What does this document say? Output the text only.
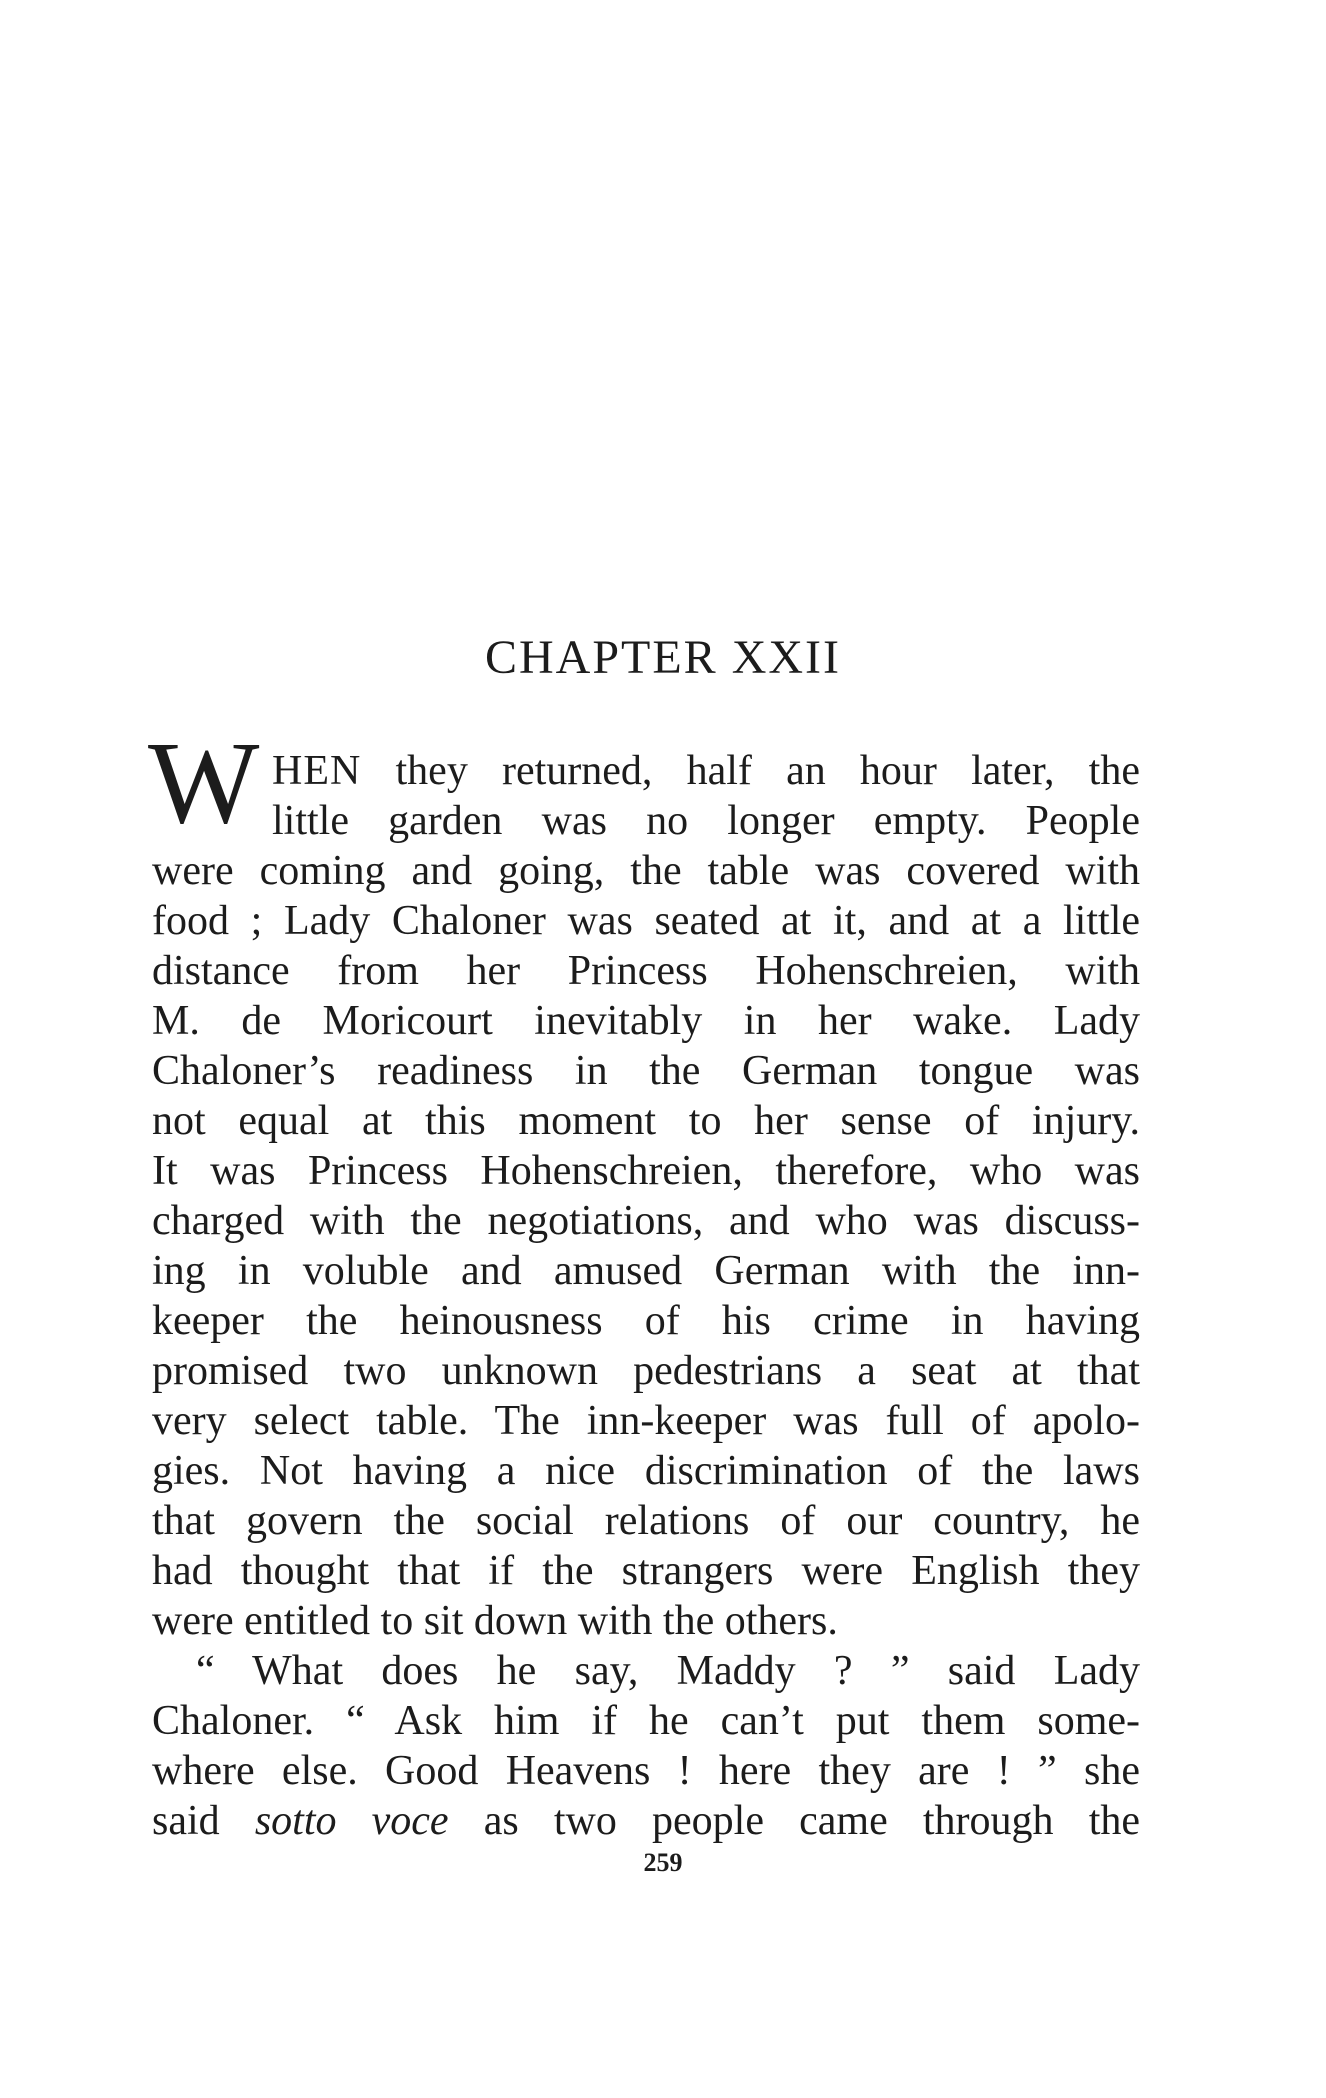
CHAPTER XXII
W HEN they returned, half an hour later, the
little garden was no longer empty. People
were coming and going, the table was covered with
food ; Lady Chaloner was seated at it, and at a little
distance from her Princess Hohenschreien, with
M. de Moricourt inevitably in her wake. Lady
Chaloner’s readiness in the German tongue was
not equal at this moment to her sense of injury.
It was Princess Hohenschreien, therefore, who was
charged with the negotiations, and who was discuss-
ing in voluble and amused German with the inn-
keeper the heinousness of his crime in having
promised two unknown pedestrians a seat at that
very select table. The inn-keeper was full of apolo-
gies. Not having a nice discrimination of the laws
that govern the social relations of our country, he
had thought that if the strangers were English they
were entitled to sit down with the others.
“ What does he say, Maddy ? ” said Lady
Chaloner. “ Ask him if he can’t put them some-
where else. Good Heavens ! here they are ! ” she
said sotto voce as two people came through the
259
